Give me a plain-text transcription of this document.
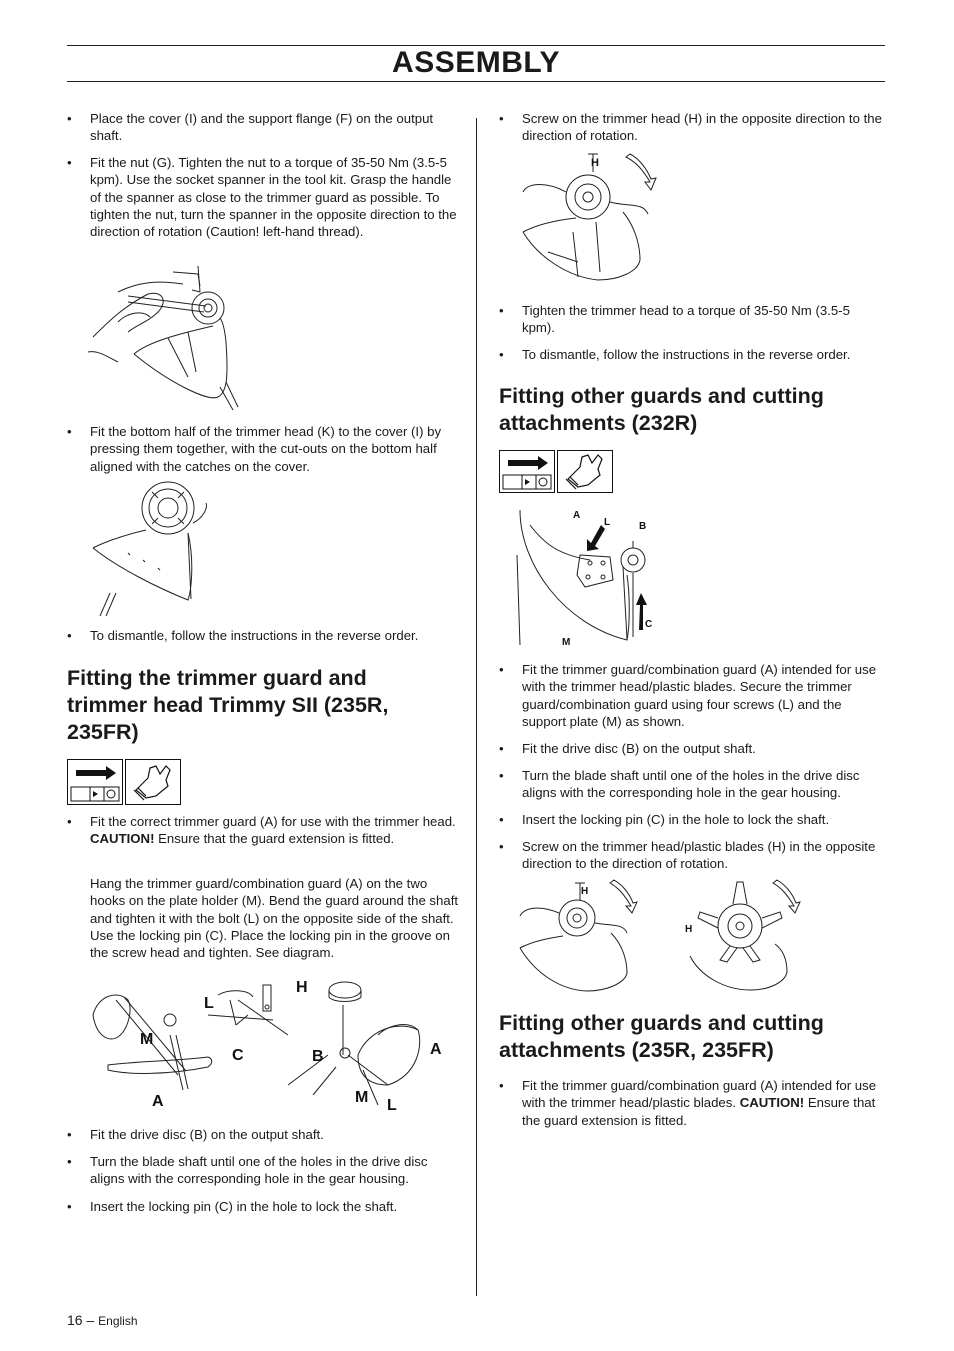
ASSEMBLY
• Place the cover (I) and the support flange (F) on the output shaft.
• Fit the nut (G). Tighten the nut to a torque of 35-50 Nm (3.5-5 kpm). Use the socket spanner in the tool kit. Grasp the handle of the spanner as close to the trimmer guard as possible. To tighten the nut, turn the spanner in the opposite direction to the direction of rotation (Caution! left-hand thread).
• Fit the bottom half of the trimmer head (K) to the cover (I) by pressing them together, with the cut-outs on the bottom half aligned with the catches on the cover.
• To dismantle, follow the instructions in the reverse order.
Fitting the trimmer guard and trimmer head Trimmy SII (235R, 235FR)
• Fit the correct trimmer guard (A) for use with the trimmer head. CAUTION! Ensure that the guard extension is fitted.
Hang the trimmer guard/combination guard (A) on the two hooks on the plate holder (M). Bend the guard around the shaft and tighten it with the bolt (L) on the opposite side of the shaft. Use the locking pin (C). Place the locking pin in the groove on the screw head and tighten. See diagram.
L
M
C
A
H
B	A
M L
• Fit the drive disc (B) on the output shaft.
• Turn the blade shaft until one of the holes in the drive disc aligns with the corresponding hole in the gear housing.
• Insert the locking pin (C) in the hole to lock the shaft.
• Screw on the trimmer head (H) in the opposite direction to the direction of rotation.
H
• Tighten the trimmer head to a torque of 35-50 Nm (3.5-5 kpm).
• To dismantle, follow the instructions in the reverse order.
Fitting other guards and cutting attachments (232R)
A
L	B
C
M
• Fit the trimmer guard/combination guard (A) intended for use with the trimmer head/plastic blades. Secure the trimmer guard/combination guard using four screws (L) and the support plate (M) as shown.
• Fit the drive disc (B) on the output shaft.
• Turn the blade shaft until one of the holes in the drive disc aligns with the corresponding hole in the gear housing.
• Insert the locking pin (C) in the hole to lock the shaft.
• Screw on the trimmer head/plastic blades (H) in the opposite direction to the direction of rotation.
H
H
Fitting other guards and cutting attachments (235R, 235FR)
• Fit the trimmer guard/combination guard (A) intended for use with the trimmer head/plastic blades. CAUTION! Ensure that the guard extension is fitted.
16 – English
